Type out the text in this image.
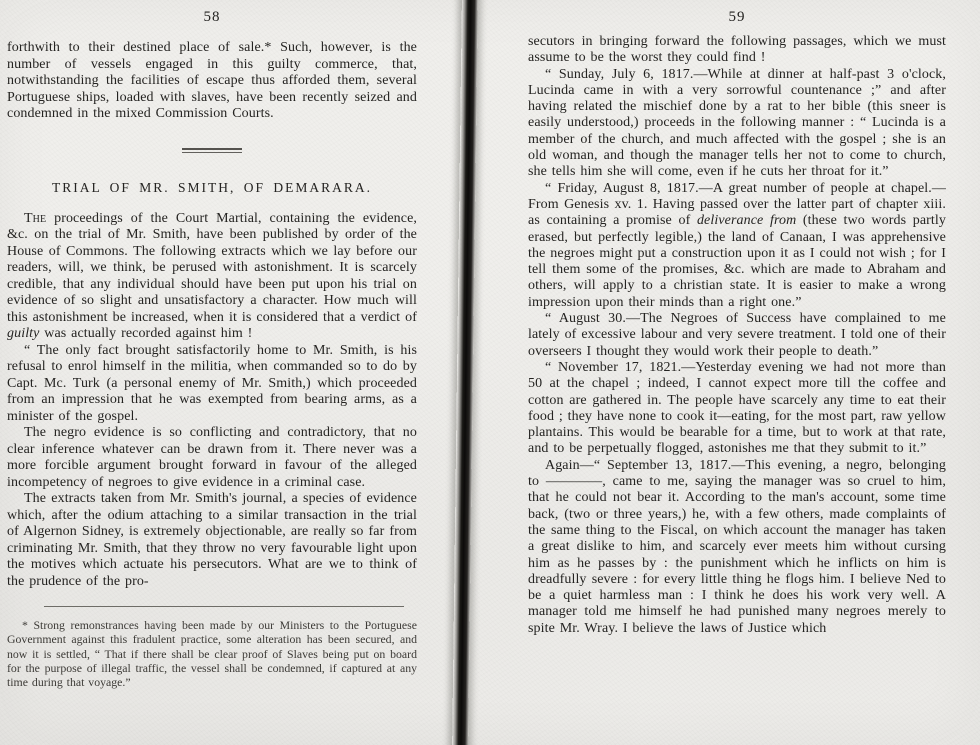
58

forthwith to their destined place of sale.* Such, however, is the number of vessels engaged in this guilty commerce, that, notwithstanding the facilities of escape thus afforded them, several Portuguese ships, loaded with slaves, have been recently seized and condemned in the mixed Commission Courts.

TRIAL OF MR. SMITH, OF DEMARARA.

The proceedings of the Court Martial, containing the evidence, &c. on the trial of Mr. Smith, have been published by order of the House of Commons. The following extracts which we lay before our readers, will, we think, be perused with astonishment. It is scarcely credible, that any individual should have been put upon his trial on evidence of so slight and unsatisfactory a character. How much will this astonishment be increased, when it is considered that a verdict of guilty was actually recorded against him !

“ The only fact brought satisfactorily home to Mr. Smith, is his refusal to enrol himself in the militia, when commanded so to do by Capt. Mc. Turk (a personal enemy of Mr. Smith,) which proceeded from an impression that he was exempted from bearing arms, as a minister of the gospel.

The negro evidence is so conflicting and contradictory, that no clear inference whatever can be drawn from it. There never was a more forcible argument brought forward in favour of the alleged incompetency of negroes to give evidence in a criminal case.

The extracts taken from Mr. Smith's journal, a species of evidence which, after the odium attaching to a similar transaction in the trial of Algernon Sidney, is extremely objectionable, are really so far from criminating Mr. Smith, that they throw no very favourable light upon the motives which actuate his persecutors. What are we to think of the prudence of the pro-

* Strong remonstrances having been made by our Ministers to the Portuguese Government against this fradulent practice, some alteration has been secured, and now it is settled, “ That if there shall be clear proof of Slaves being put on board for the purpose of illegal traffic, the vessel shall be condemned, if captured at any time during that voyage.”

59

secutors in bringing forward the following passages, which we must assume to be the worst they could find !

“ Sunday, July 6, 1817.—While at dinner at half-past 3 o'clock, Lucinda came in with a very sorrowful countenance ;” and after having related the mischief done by a rat to her bible (this sneer is easily understood,) proceeds in the following manner : “ Lucinda is a member of the church, and much affected with the gospel ; she is an old woman, and though the manager tells her not to come to church, she tells him she will come, even if he cuts her throat for it.”

“ Friday, August 8, 1817.—A great number of people at chapel.—From Genesis xv. 1. Having passed over the latter part of chapter xiii. as containing a promise of deliverance from (these two words partly erased, but perfectly legible,) the land of Canaan, I was apprehensive the negroes might put a construction upon it as I could not wish ; for I tell them some of the promises, &c. which are made to Abraham and others, will apply to a christian state. It is easier to make a wrong impression upon their minds than a right one.”

“ August 30.—The Negroes of Success have complained to me lately of excessive labour and very severe treatment. I told one of their overseers I thought they would work their people to death.”

“ November 17, 1821.—Yesterday evening we had not more than 50 at the chapel ; indeed, I cannot expect more till the coffee and cotton are gathered in. The people have scarcely any time to eat their food ; they have none to cook it—eating, for the most part, raw yellow plantains. This would be bearable for a time, but to work at that rate, and to be perpetually flogged, astonishes me that they submit to it.”

Again—“ September 13, 1817.—This evening, a negro, belonging to ————, came to me, saying the manager was so cruel to him, that he could not bear it. According to the man's account, some time back, (two or three years,) he, with a few others, made complaints of the same thing to the Fiscal, on which account the manager has taken a great dislike to him, and scarcely ever meets him without cursing him as he passes by : the punishment which he inflicts on him is dreadfully severe : for every little thing he flogs him. I believe Ned to be a quiet harmless man : I think he does his work very well. A manager told me himself he had punished many negroes merely to spite Mr. Wray. I believe the laws of Justice which
